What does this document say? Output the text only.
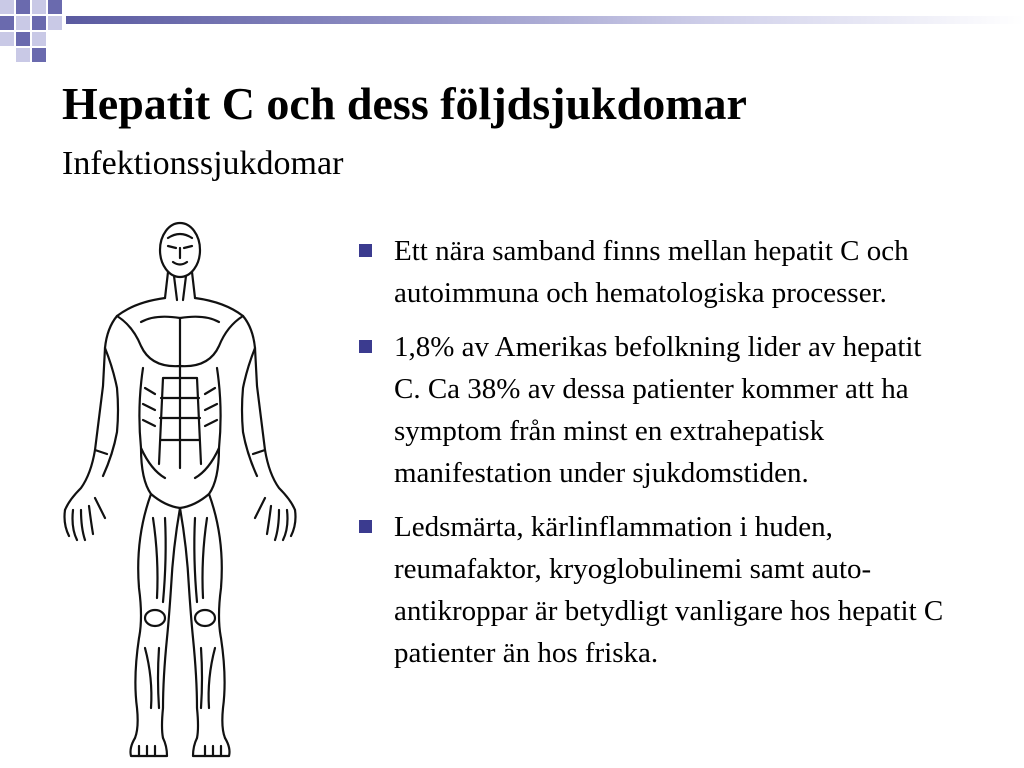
Hepatit C och dess följdsjukdomar
Infektionssjukdomar
Ett nära samband finns mellan hepatit C och autoimmuna och hematologiska processer.
1,8% av Amerikas befolkning lider av hepatit C. Ca 38% av dessa patienter kommer att ha symptom från minst en extrahepatisk manifestation under sjukdomstiden.
Ledsmärta, kärlinflammation i huden, reumafaktor, kryoglobulinemi samt auto-antikroppar är betydligt vanligare hos hepatit C patienter än hos friska.
